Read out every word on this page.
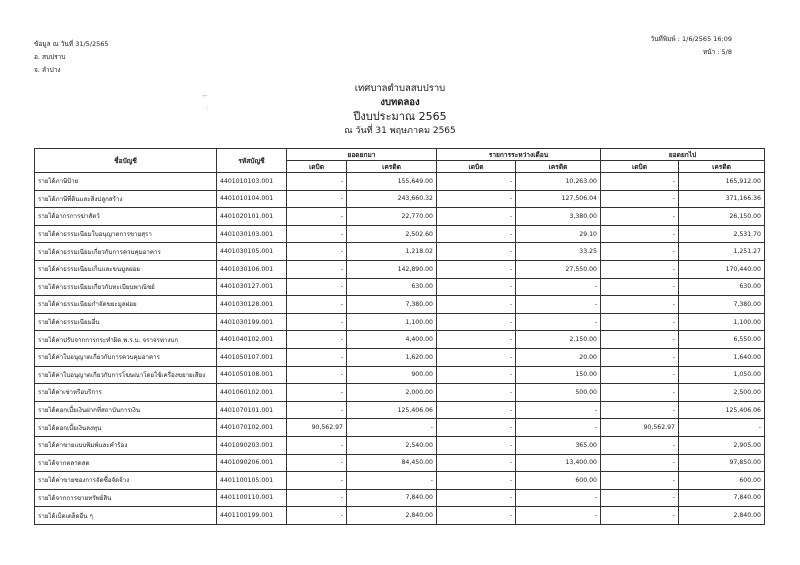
ข้อมูล ณ วันที่ 31/5/2565
อ. สบปราบ
จ. ลำปาง
วันที่พิมพ์ : 1/6/2565 16:09
หน้า : 5/8
⌐
·:
เทศบาลตำบลสบปราบ
งบทดลอง
ปีงบประมาณ 2565
ณ วันที่ 31 พฤษภาคม 2565
ชื่อบัญชี	รหัสบัญชี	ยอดยกมา		รายการระหว่างเดือน		ยอดยกไป	
		เดบิต	เครดิต	เดบิต	เครดิต	เดบิต	เครดิต
รายได้ภาษีป้าย	4401010103.001	-	155,649.00	-	10,263.00	-	165,912.00
รายได้ภาษีที่ดินและสิ่งปลูกสร้าง	4401010104.001	-	243,660.32	-	127,506.04	-	371,166.36
รายได้อากรการฆ่าสัตว์	4401020101.001	-	22,770.00	-	3,380.00	-	26,150.00
รายได้ค่าธรรมเนียมใบอนุญาตการขายสุรา	4401030103.001	-	2,502.60	-	29.10	-	2,531.70
รายได้ค่าธรรมเนียมเกี่ยวกับการควบคุมอาคาร	4401030105.001	-	1,218.02	-	33.25	-	1,251.27
รายได้ค่าธรรมเนียมเก็บและขนมูลฝอย	4401030106.001	-	142,890.00	-	27,550.00	-	170,440.00
รายได้ค่าธรรมเนียมเกี่ยวกับทะเบียนพาณิชย์	4401030127.001	-	630.00	-	-	-	630.00
รายได้ค่าธรรมเนียมกำจัดขยะมูลฝอย	4401030128.001	-	7,380.00	-	-	-	7,380.00
รายได้ค่าธรรมเนียมอื่น	4401030199.001	-	1,100.00	-	-	-	1,100.00
รายได้ค่าปรับจากการกระทำผิด พ.ร.บ. จราจรทางบก	4401040102.001	-	4,400.00	-	2,150.00	-	6,550.00
รายได้ค่าใบอนุญาตเกี่ยวกับการควบคุมอาคาร	4401050107.001	-	1,620.00	-	20.00	-	1,640.00
รายได้ค่าใบอนุญาตเกี่ยวกับการโฆษณาโดยใช้เครื่องขยายเสียง	4401050108.001	-	900.00	-	150.00	-	1,050.00
รายได้ค่าเช่าหรือบริการ	4401060102.001	-	2,000.00	-	500.00	-	2,500.00
รายได้ดอกเบี้ยเงินฝากที่สถาบันการเงิน	4401070101.001	-	125,406.06	-	-	-	125,406.06
รายได้ดอกเบี้ยเงินลงทุน	4401070102.001	90,562.97	-	-	-	90,562.97	-
รายได้ค่าขายแบบพิมพ์และคำร้อง	4401090203.001	-	2,540.00	-	365.00	-	2,905.00
รายได้จากตลาดสด	4401090206.001	-	84,450.00	-	13,400.00	-	97,850.00
รายได้ค่าขายซองการจัดซื้อจัดจ้าง	4401100105.001	-	-	-	600.00	-	600.00
รายได้จากการขายทรัพย์สิน	4401100110.001	-	7,840.00	-	-	-	7,840.00
รายได้เบ็ดเตล็ดอื่น ๆ	4401100199.001	-	2,840.00	-	-	-	2,840.00
